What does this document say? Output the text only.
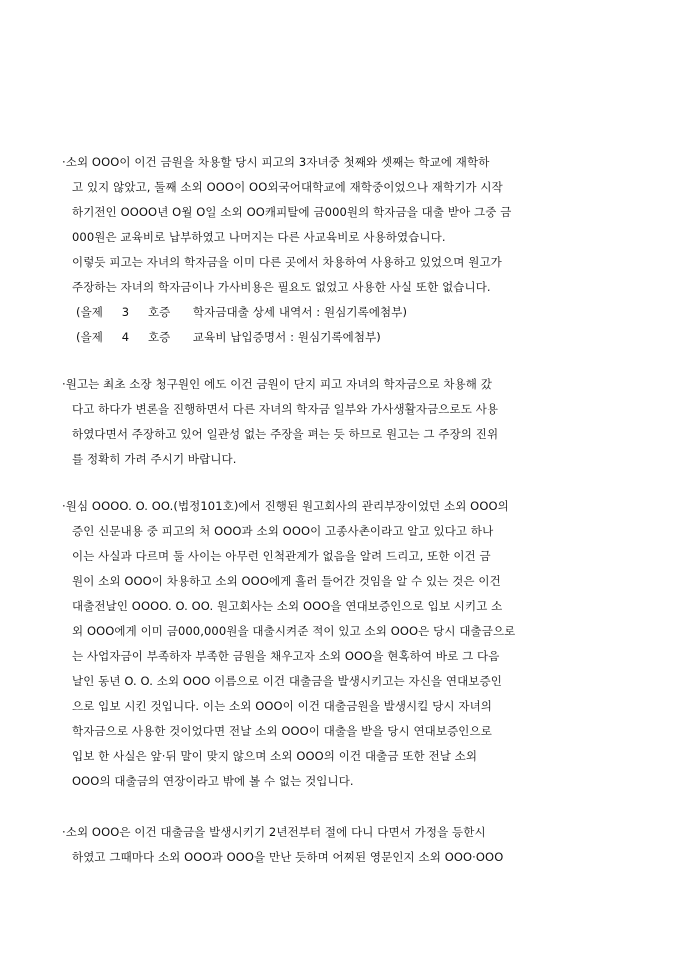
·소외 OOO이 이건 금원을 차용할 당시 피고의 3자녀중 첫째와 셋째는 학교에 재학하
고 있지 않았고, 둘째 소외 OOO이 OO외국어대학교에 재학중이었으나 재학기가 시작
하기전인 OOOO년 O월 O일 소외 OO캐피탈에 금000원의 학자금을 대출 받아 그중 금
000원은 교육비로 납부하였고 나머지는 다른 사교육비로 사용하였습니다.
이렇듯 피고는 자녀의 학자금을 이미 다른 곳에서 차용하여 사용하고 있었으며 원고가
주장하는 자녀의 학자금이나 가사비용은 필요도 없었고 사용한 사실 또한 없습니다.
(을제     3     호증      학자금대출 상세 내역서 : 원심기록에첨부)
(을제     4     호증      교육비 납입증명서 : 원심기록에첨부)
·원고는 최초 소장 청구원인 에도 이건 금원이 단지 피고 자녀의 학자금으로 차용해 갔
다고 하다가 변론을 진행하면서 다른 자녀의 학자금 일부와 가사생활자금으로도 사용
하였다면서 주장하고 있어 일관성 없는 주장을 펴는 듯 하므로 원고는 그 주장의 진위
를 정확히 가려 주시기 바랍니다.
·원심 OOOO. O. OO.(법정101호)에서 진행된 원고회사의 관리부장이었던 소외 OOO의
증인 신문내용 중 피고의 처 OOO과 소외 OOO이 고종사촌이라고 알고 있다고 하나
이는 사실과 다르며 둘 사이는 아무런 인척관계가 없음을 알려 드리고, 또한 이건 금
원이 소외 OOO이 차용하고 소외 OOO에게 흘러 들어간 것임을 알 수 있는 것은 이건
대출전날인 OOOO. O. OO. 원고회사는 소외 OOO을 연대보증인으로 입보 시키고 소
외 OOO에게 이미 금000,000원을 대출시켜준 적이 있고 소외 OOO은 당시 대출금으로
는 사업자금이 부족하자 부족한 금원을 채우고자 소외 OOO을 현혹하여 바로 그 다음
날인 동년 O. O. 소외 OOO 이름으로 이건 대출금을 발생시키고는 자신을 연대보증인
으로 입보 시킨 것입니다. 이는 소외 OOO이 이건 대출금원을 발생시킬 당시 자녀의
학자금으로 사용한 것이었다면 전날 소외 OOO이 대출을 받을 당시 연대보증인으로
입보 한 사실은 앞·뒤 말이 맞지 않으며 소외 OOO의 이건 대출금 또한 전날 소외
OOO의 대출금의 연장이라고 밖에 볼 수 없는 것입니다.
·소외 OOO은 이건 대출금을 발생시키기 2년전부터 절에 다니 다면서 가정을 등한시
하였고 그때마다 소외 OOO과 OOO을 만난 듯하며 어찌된 영문인지 소외 OOO·OOO
